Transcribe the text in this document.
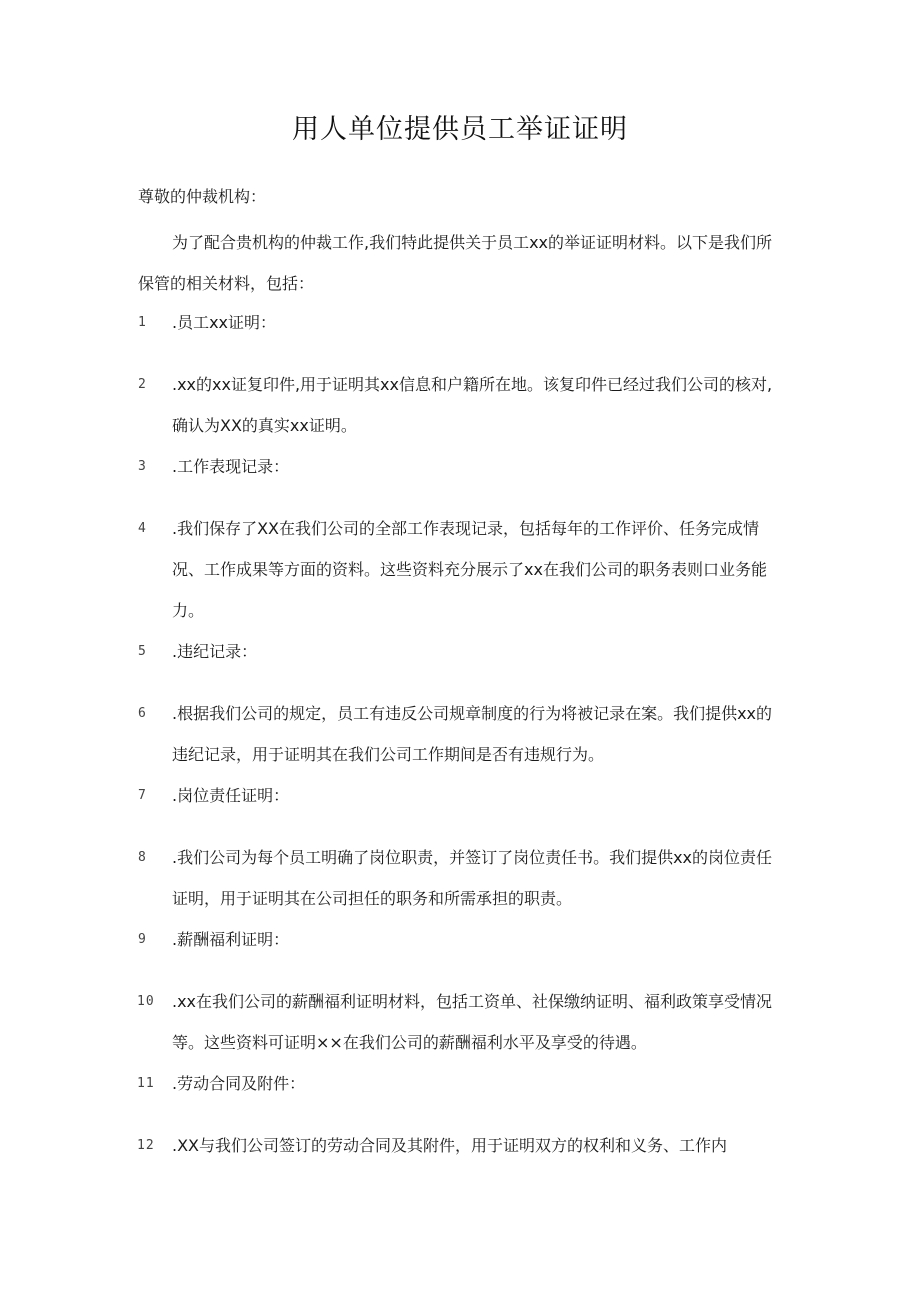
用人单位提供员工举证证明
尊敬的仲裁机构：
为了配合贵机构的仲裁工作,我们特此提供关于员工xx的举证证明材料。以下是我们所保管的相关材料，包括：
1 .员工xx证明：
2 .xx的xx证复印件,用于证明其xx信息和户籍所在地。该复印件已经过我们公司的核对,确认为XX的真实xx证明。
3 .工作表现记录：
4 .我们保存了XX在我们公司的全部工作表现记录，包括每年的工作评价、任务完成情况、工作成果等方面的资料。这些资料充分展示了xx在我们公司的职务表则口业务能力。
5 .违纪记录：
6 .根据我们公司的规定，员工有违反公司规章制度的行为将被记录在案。我们提供xx的违纪记录，用于证明其在我们公司工作期间是否有违规行为。
7 .岗位责任证明：
8 .我们公司为每个员工明确了岗位职责，并签订了岗位责任书。我们提供xx的岗位责任证明，用于证明其在公司担任的职务和所需承担的职责。
9 .薪酬福利证明：
10 .xx在我们公司的薪酬福利证明材料，包括工资单、社保缴纳证明、福利政策享受情况等。这些资料可证明××在我们公司的薪酬福利水平及享受的待遇。
11 .劳动合同及附件：
12 .XX与我们公司签订的劳动合同及其附件，用于证明双方的权利和义务、工作内
